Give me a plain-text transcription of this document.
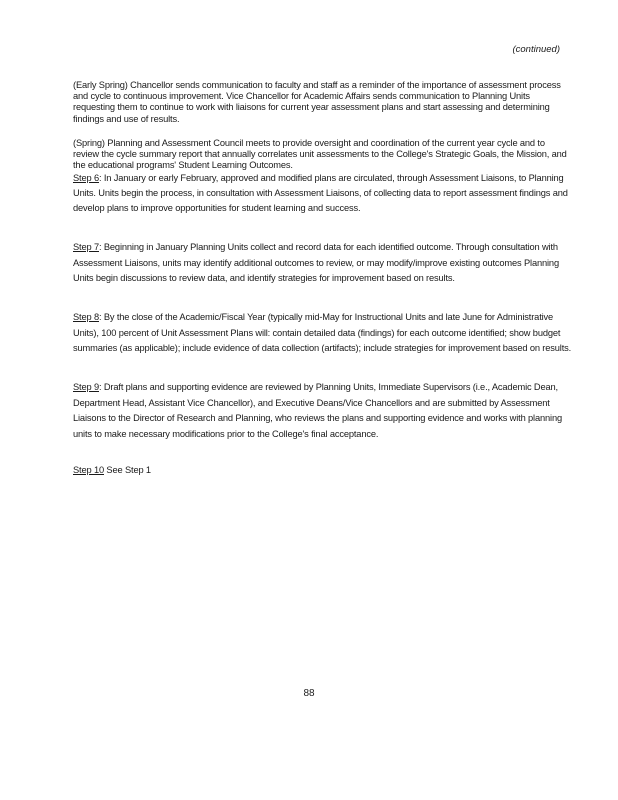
(continued)

(Early Spring) Chancellor sends communication to faculty and staff as a reminder of the importance of assessment process and cycle to continuous improvement. Vice Chancellor for Academic Affairs sends communication to Planning Units requesting them to continue to work with liaisons for current year assessment plans and start assessing and determining findings and use of results.

(Spring) Planning and Assessment Council meets to provide oversight and coordination of the current year cycle and to review the cycle summary report that annually correlates unit assessments to the College's Strategic Goals, the Mission, and the educational programs' Student Learning Outcomes.

Step 6: In January or early February, approved and modified plans are circulated, through Assessment Liaisons, to Planning Units. Units begin the process, in consultation with Assessment Liaisons, of collecting data to report assessment findings and develop plans to improve opportunities for student learning and success.

Step 7: Beginning in January Planning Units collect and record data for each identified outcome. Through consultation with Assessment Liaisons, units may identify additional outcomes to review, or may modify/improve existing outcomes Planning Units begin discussions to review data, and identify strategies for improvement based on results.

Step 8: By the close of the Academic/Fiscal Year (typically mid-May for Instructional Units and late June for Administrative Units), 100 percent of Unit Assessment Plans will: contain detailed data (findings) for each outcome identified; show budget summaries (as applicable); include evidence of data collection (artifacts); include strategies for improvement based on results.

Step 9: Draft plans and supporting evidence are reviewed by Planning Units, Immediate Supervisors (i.e., Academic Dean, Department Head, Assistant Vice Chancellor), and Executive Deans/Vice Chancellors and are submitted by Assessment Liaisons to the Director of Research and Planning, who reviews the plans and supporting evidence and works with planning units to make necessary modifications prior to the College's final acceptance.

Step 10 See Step 1

88
